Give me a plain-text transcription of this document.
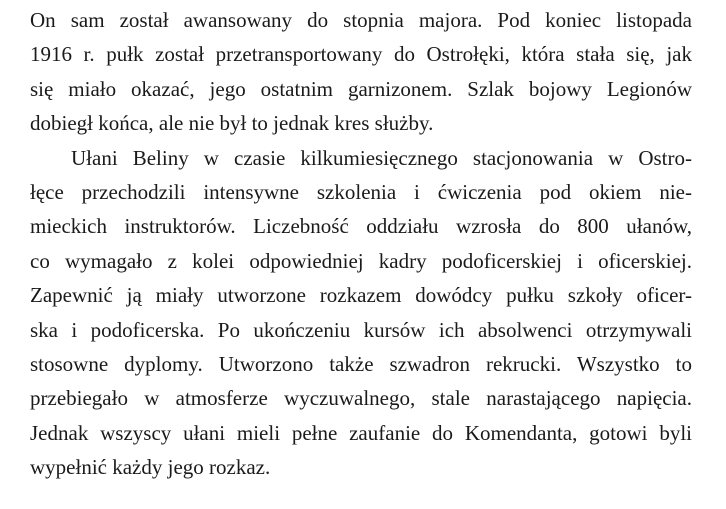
On sam został awansowany do stopnia majora. Pod koniec listopada
1916 r. pułk został przetransportowany do Ostrołęki, która stała się, jak
się miało okazać, jego ostatnim garnizonem. Szlak bojowy Legionów
dobiegł końca, ale nie był to jednak kres służby.
Ułani Beliny w czasie kilkumiesięcznego stacjonowania w Ostro-
łęce przechodzili intensywne szkolenia i ćwiczenia pod okiem nie-
mieckich instruktorów. Liczebność oddziału wzrosła do 800 ułanów,
co wymagało z kolei odpowiedniej kadry podoficerskiej i oficerskiej.
Zapewnić ją miały utworzone rozkazem dowódcy pułku szkoły oficer-
ska i podoficerska. Po ukończeniu kursów ich absolwenci otrzymywali
stosowne dyplomy. Utworzono także szwadron rekrucki. Wszystko to
przebiegało w atmosferze wyczuwalnego, stale narastającego napięcia.
Jednak wszyscy ułani mieli pełne zaufanie do Komendanta, gotowi byli
wypełnić każdy jego rozkaz.
